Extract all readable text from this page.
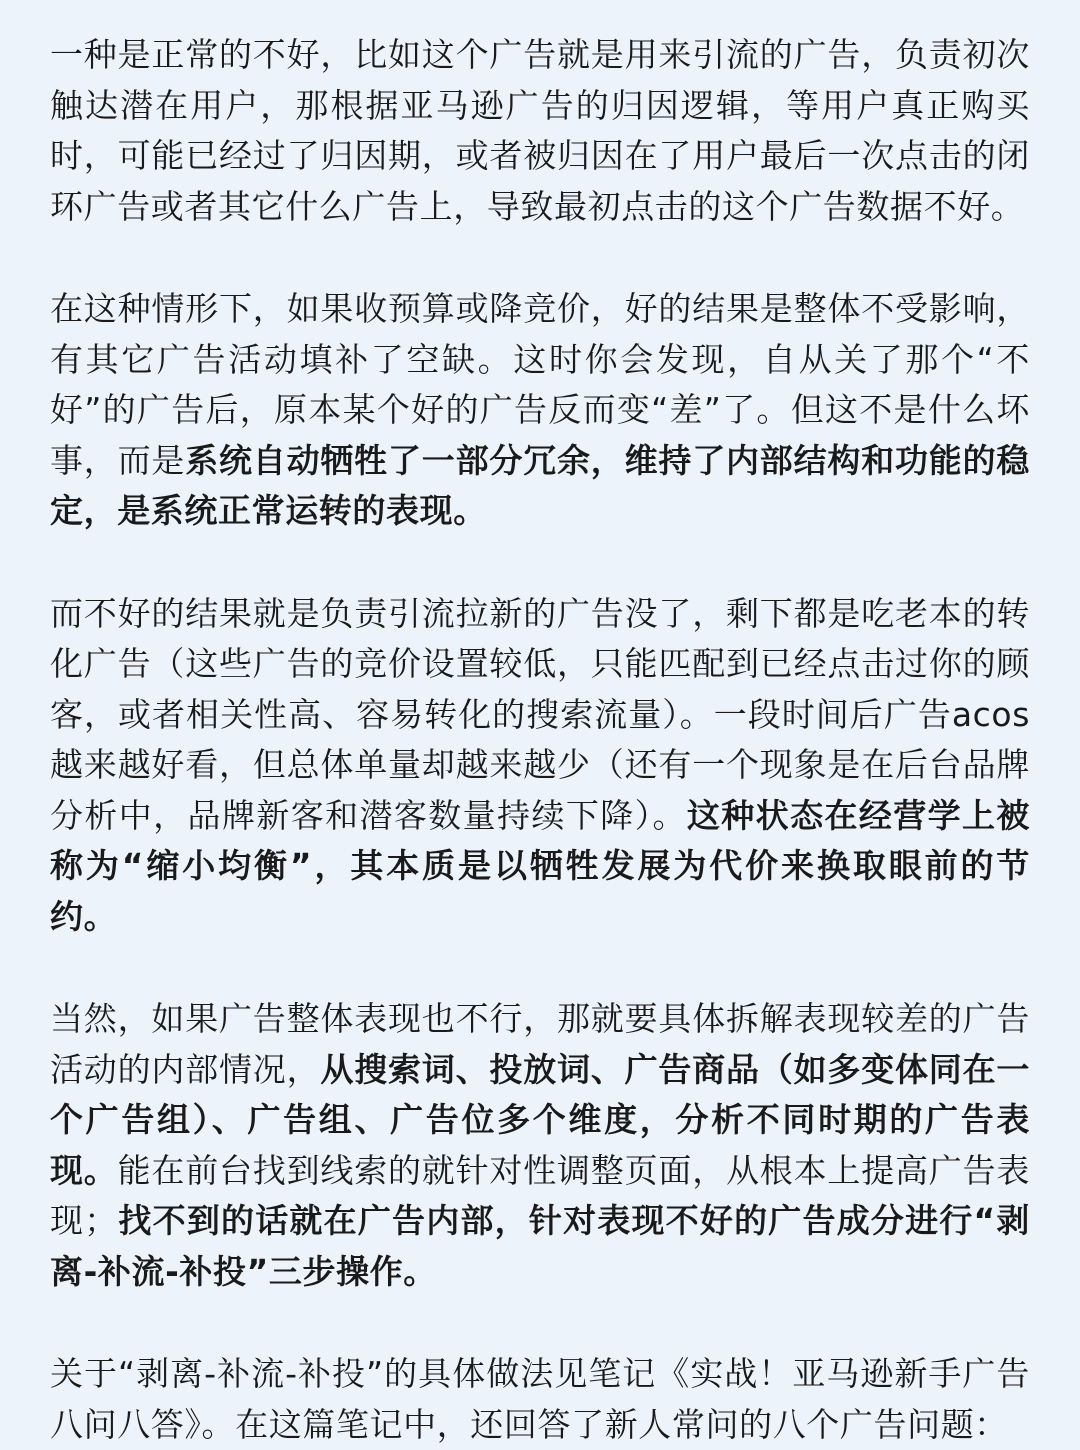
一种是正常的不好，比如这个广告就是用来引流的广告，负责初次触达潜在用户，那根据亚马逊广告的归因逻辑，等用户真正购买时，可能已经过了归因期，或者被归因在了用户最后一次点击的闭环广告或者其它什么广告上，导致最初点击的这个广告数据不好。

在这种情形下，如果收预算或降竞价，好的结果是整体不受影响，有其它广告活动填补了空缺。这时你会发现，自从关了那个“不好”的广告后，原本某个好的广告反而变“差”了。但这不是什么坏事，而是系统自动牺牲了一部分冗余，维持了内部结构和功能的稳定，是系统正常运转的表现。

而不好的结果就是负责引流拉新的广告没了，剩下都是吃老本的转化广告（这些广告的竞价设置较低，只能匹配到已经点击过你的顾客，或者相关性高、容易转化的搜索流量）。一段时间后广告acos越来越好看，但总体单量却越来越少（还有一个现象是在后台品牌分析中，品牌新客和潜客数量持续下降）。这种状态在经营学上被称为“缩小均衡”，其本质是以牺牲发展为代价来换取眼前的节约。

当然，如果广告整体表现也不行，那就要具体拆解表现较差的广告活动的内部情况，从搜索词、投放词、广告商品（如多变体同在一个广告组）、广告组、广告位多个维度，分析不同时期的广告表现。能在前台找到线索的就针对性调整页面，从根本上提高广告表现；找不到的话就在广告内部，针对表现不好的广告成分进行“剥离-补流-补投”三步操作。

关于“剥离-补流-补投”的具体做法见笔记《实战！亚马逊新手广告八问八答》。在这篇笔记中，还回答了新人常问的八个广告问题：
